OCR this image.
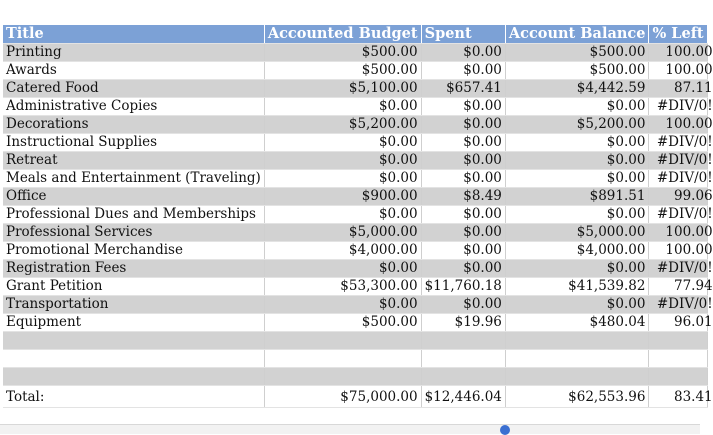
Title	Accounted Budget	Spent	Account Balance	% Left
Printing	$500.00	$0.00	$500.00	100.00
Awards	$500.00	$0.00	$500.00	100.00
Catered Food	$5,100.00	$657.41	$4,442.59	87.11
Administrative Copies	$0.00	$0.00	$0.00	#DIV/0!
Decorations	$5,200.00	$0.00	$5,200.00	100.00
Instructional Supplies	$0.00	$0.00	$0.00	#DIV/0!
Retreat	$0.00	$0.00	$0.00	#DIV/0!
Meals and Entertainment (Traveling)	$0.00	$0.00	$0.00	#DIV/0!
Office	$900.00	$8.49	$891.51	99.06
Professional Dues and Memberships	$0.00	$0.00	$0.00	#DIV/0!
Professional Services	$5,000.00	$0.00	$5,000.00	100.00
Promotional Merchandise	$4,000.00	$0.00	$4,000.00	100.00
Registration Fees	$0.00	$0.00	$0.00	#DIV/0!
Grant Petition	$53,300.00	$11,760.18	$41,539.82	77.94
Transportation	$0.00	$0.00	$0.00	#DIV/0!
Equipment	$500.00	$19.96	$480.04	96.01

Total:	$75,000.00	$12,446.04	$62,553.96	83.41
